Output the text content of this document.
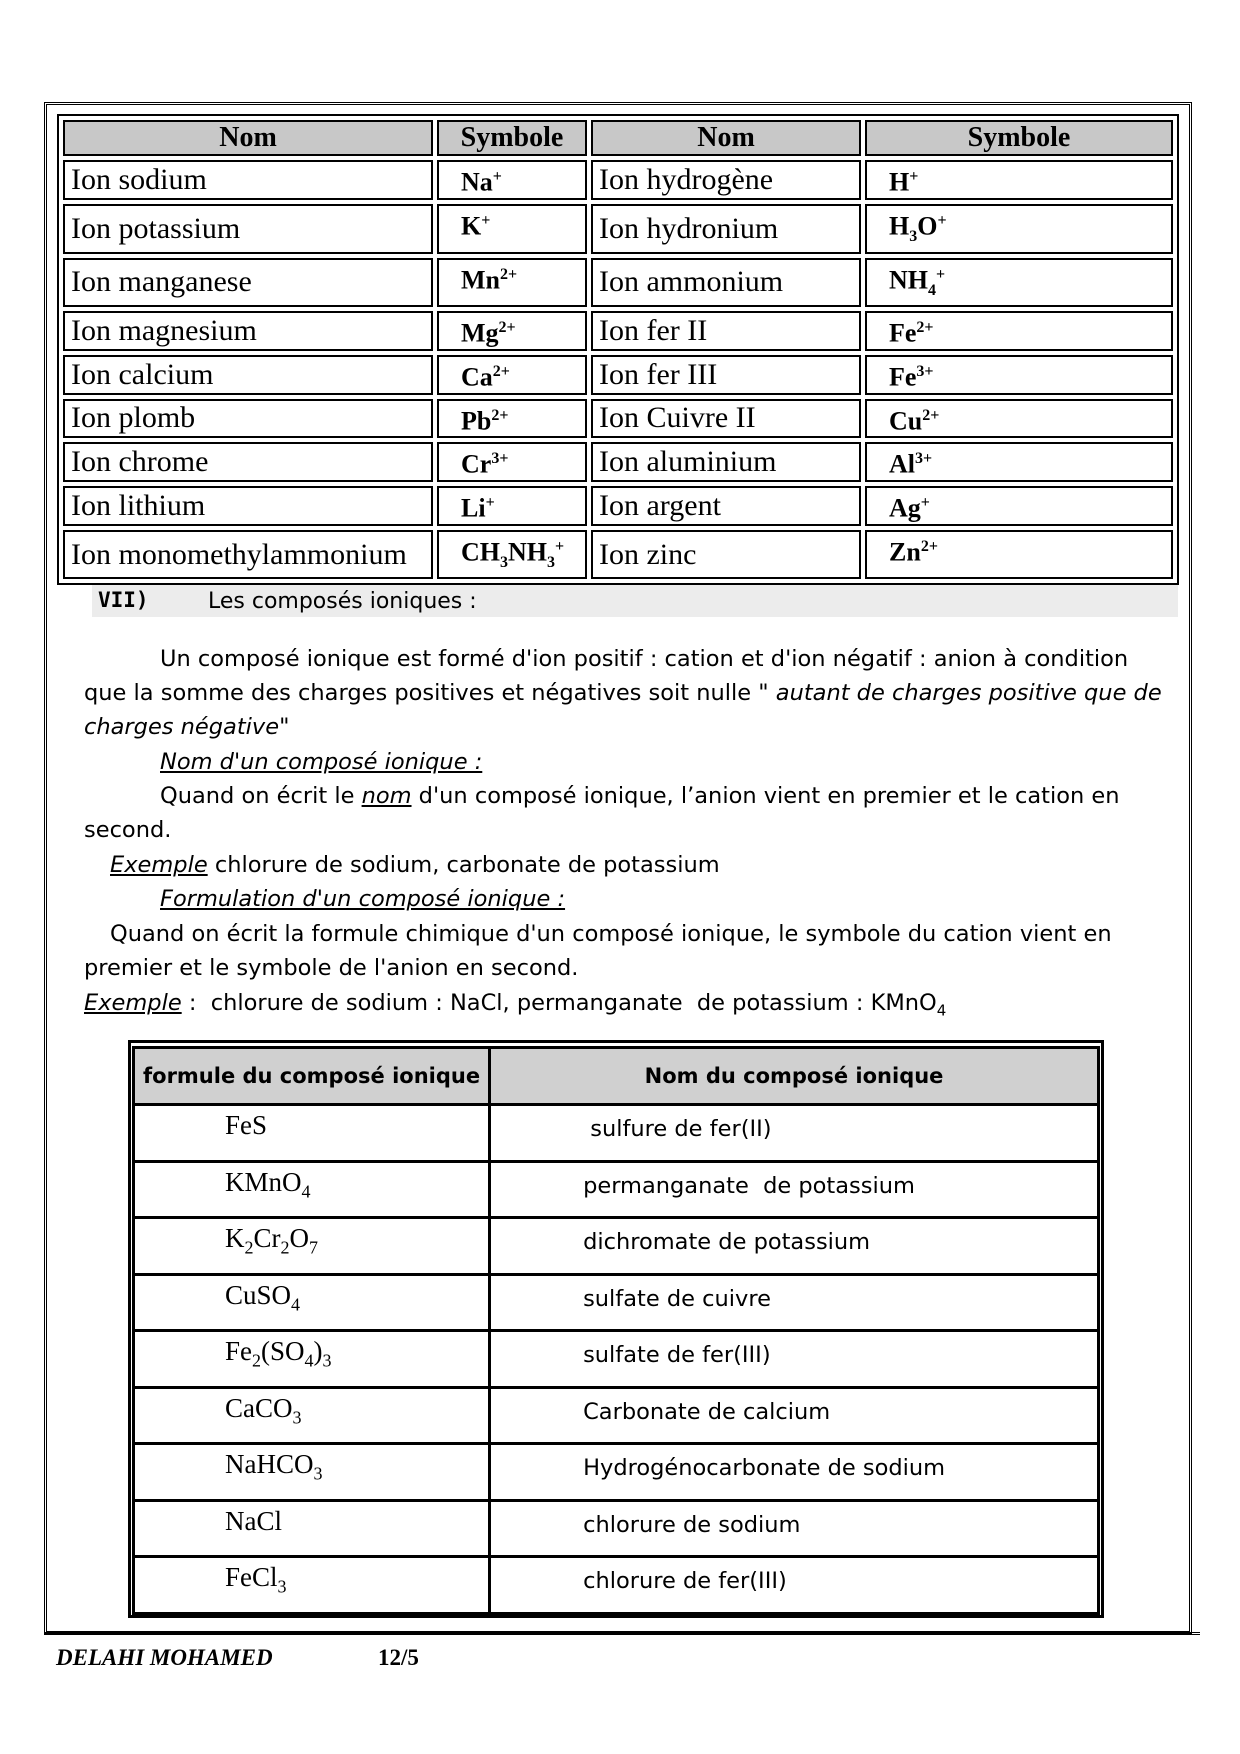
Nom	Symbole	Nom	Symbole
Ion sodium	Na+	Ion hydrogène	H+
Ion potassium	K+	Ion hydronium	$H_3O^+$
Ion manganese	$Mn^{2+}$	Ion ammonium	$NH_4^+$
Ion magnesium	$Mg^{2+}$	Ion fer II	$Fe^{2+}$
Ion calcium	$Ca^{2+}$	Ion fer III	$Fe^{3+}$
Ion plomb	$Pb^{2+}$	Ion Cuivre II	$Cu^{2+}$
Ion chrome	$Cr^{3+}$	Ion aluminium	$Al^{3+}$
Ion lithium	Li+	Ion argent	Ag+
Ion monomethylammonium	$CH_3NH_3^+$	Ion zinc	$Zn^{2+}$
VII)	Les composés ioniques :
Un composé ionique est formé d'ion positif : cation et d'ion négatif : anion à condition
que la somme des charges positives et négatives soit nulle " autant de charges positive que de
charges négative"
Nom d'un composé ionique :
Quand on écrit le nom d'un composé ionique, l’anion vient en premier et le cation en
second.
Exemple chlorure de sodium, carbonate de potassium
Formulation d'un composé ionique :
Quand on écrit la formule chimique d'un composé ionique, le symbole du cation vient en
premier et le symbole de l'anion en second.
Exemple :  chlorure de sodium : NaCl, permanganate  de potassium : KMnO$_4$
formule du composé ionique	Nom du composé ionique
FeS	sulfure de fer(II)
KMnO$_4$	permanganate  de potassium
$K_2Cr_2O_7$	dichromate de potassium
CuSO$_4$	sulfate de cuivre
$Fe_2(SO_4)_3$	sulfate de fer(III)
CaCO$_3$	Carbonate de calcium
NaHCO$_3$	Hydrogénocarbonate de sodium
NaCl	chlorure de sodium
FeCl$_3$	chlorure de fer(III)
DELAHI MOHAMED	12/5
